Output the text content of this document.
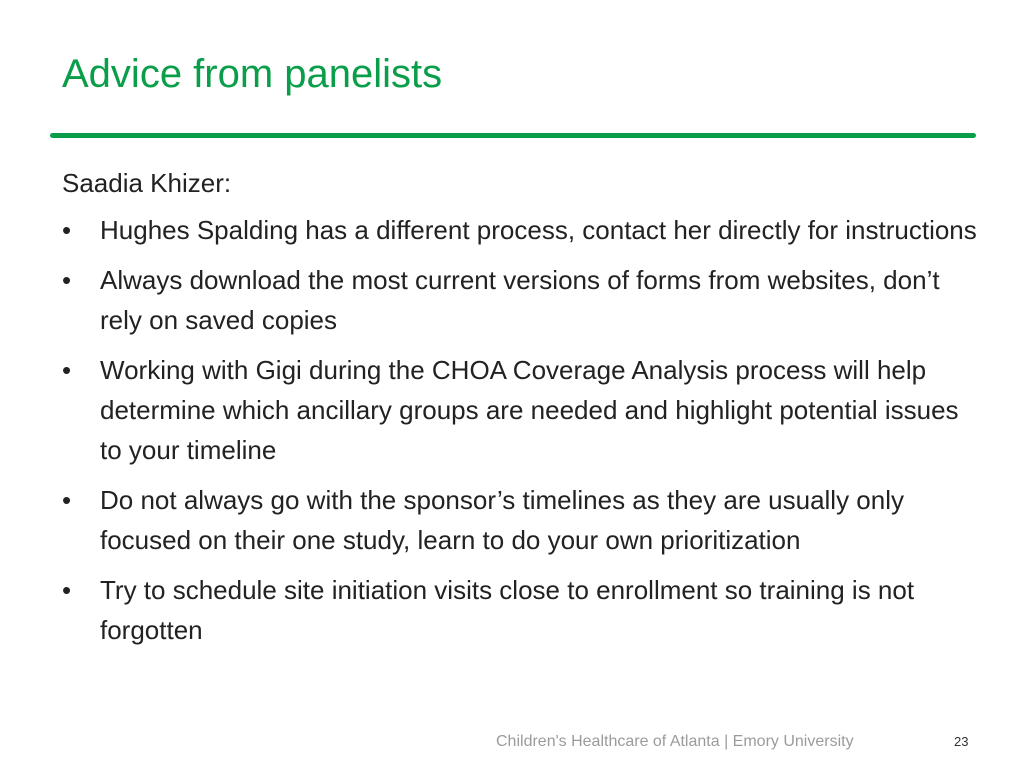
Advice from panelists
Saadia Khizer:
• Hughes Spalding has a different process, contact her directly for instructions
• Always download the most current versions of forms from websites, don’t rely on saved copies
• Working with Gigi during the CHOA Coverage Analysis process will help determine which ancillary groups are needed and highlight potential issues to your timeline
• Do not always go with the sponsor’s timelines as they are usually only focused on their one study, learn to do your own prioritization
• Try to schedule site initiation visits close to enrollment so training is not forgotten
Children's Healthcare of Atlanta | Emory University	23
